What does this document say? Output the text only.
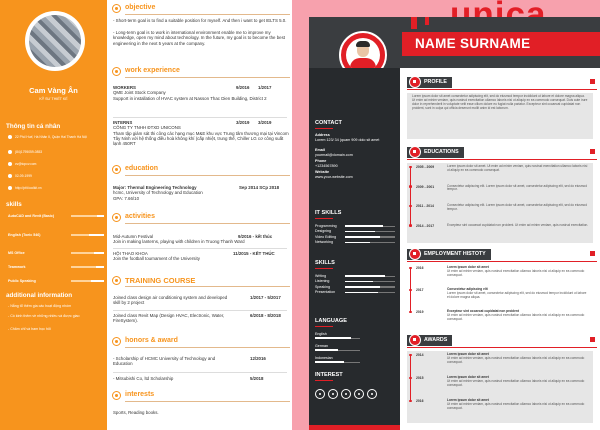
Cam Vàng Ân
KỸ SƯ THIẾT KẾ
Thông tin cá nhân
22 Phố Huế, Hà Nhân II, Quận Hai Thanh Hà Nội
(84)1795059-0853
cv@topcv.com
02-09-1999
http://ptit.toolkit.vn
skills
AutoCAD and Revit (Basic)
English (Toeic 546)
MS Office
Teamwork
Public Speaking
additional information
- Nắng tổ thêm gia các hoạt động nhóm
- Có kinh thêm về những nhiều và được giao
- Chăm chỉ và ham học hỏi
objective
- Short-term goal is to find a suitable position for myself. And then i want to get IELTS 5.0.
- Long-term goal is to work in international environment enable me to improve my knowledge, open my mind about technology. In the future, my goal is to become the best engineering in the next 5 years at the company.
work experience
WORKERS	9/2016 1/2017
QME Joint Stock Company
Support in installation of HVAC system at Nasson Thac Dien Building, District 2
INTERNS	3/2019 3/2019
CÔNG TY TNHH ĐTXD UNICONS
Tham tập giám sát thi công các hạng mục M&E khu vực Trung tâm thương mại tại Vincom Tây Ninh với hệ thống điều hoà không khí (cấp nhiệt, trung thế, Chiller LG cơ công suất lạnh 450RT
education
Major: Thermal Engineering Technology	Sep 2014 SCp 2018
hcmc, University of Technology and Education
GPA: 7.66/10
activities
Mid-Autumn Festival	9/2016 - kết thúc
Join in making lanterns, playing with children in Truong Thanh Ward
HỘI THAO KHOA	11/2015 - KẾT THÚC
Join the football tournament of the University
TRAINING COURSE
Joined class design air conditioning system and developed skill by 2 project
1/2017 - 5/2017
Joined class Revit Map (Design HVAC, Electronic, Water, FireSystem).
6/2018 - 8/2018
honors & award
- Scholarship of HCMC University of Technology and Education
12/2016
- Mitsubishi Co, ltd Scholarship	5/2018
interests
Sports, Reading books.
NAME SURNAME
CONTACT
Address
Lorem 123/ 34 (quam 909 dolo sit amet
Email
yourmail@domain.com
Phone
+1234567890
Website
www.your-website.com
IT SKILLS
Programming
Designing
Video Editing
Networking
SKILLS
Writing
Listening
Speaking
Presentation
LANGUAGE
English
German
Indonesian
INTEREST
PROFILE
Lorem ipsum dolor sit amet consectetur adipiscing elit, sed do eiusmod tempor incididunt ut labore et dolore magna aliqua. Ut enim ad minim veniam, quis nostrud exercitation ullamco laboris nisi ut aliquip ex ea commodo consequat. Duis aute irure dolor in reprehenderit in voluptate velit esse cillum dolore eu fugiat nulla pariatur. Excepteur sint occaecat cupidatat non proident, sunt in culpa qui officia deserunt mollit anim id est laborum.
EDUCATIONS
2005 - 2009	Lorem ipsum dolor sit amet. Ut enim ad minim veniam, quis nostrud exercitation ullamco laboris nisi ut aliquip ex ea commodo consequat.
2009 - 2001	Consectetur adipiscing elit. Lorem ipsum dolor sit amet, consectetur adipiscing elit, sed do eiusmod tempor.
2011 - 2014	Consectetur adipiscing elit. Lorem ipsum dolor sit amet, consectetur adipiscing elit, sed do eiusmod tempor.
2014 - 2017	Excepteur sint occaecat cupidatat non proident. Ut enim ad minim veniam, quis nostrud exercitation.
EMPLOYMENT HISTOTY
2016	Lorem ipsum dolor sit amet
Ut enim ad minim veniam, quis nostrud exercitation ullamco laboris nisi ut aliquip ex ea commodo consequat.
2017	Consectetur adipiscing elit
Lorem ipsum dolor sit amet, consectetur adipiscing elit, sed do eiusmod tempor incididunt ut labore et dolore magna aliqua.
2019	Excepteur sint occaecat cupidatat non proident
Ut enim ad minim veniam, quis nostrud exercitation ullamco laboris nisi ut aliquip ex ea commodo consequat.
AWARDS
2014	Lorem ipsum dolor sit amet
Ut enim ad minim veniam, quis nostrud exercitation ullamco laboris nisi ut aliquip ex ea commodo consequat.
2015	Lorem ipsum dolor sit amet
Ut enim ad minim veniam, quis nostrud exercitation ullamco laboris nisi ut aliquip ex ea commodo consequat.
2016	Lorem ipsum dolor sit amet
Ut enim ad minim veniam, quis nostrud exercitation ullamco laboris nisi ut aliquip ex ea commodo consequat.
